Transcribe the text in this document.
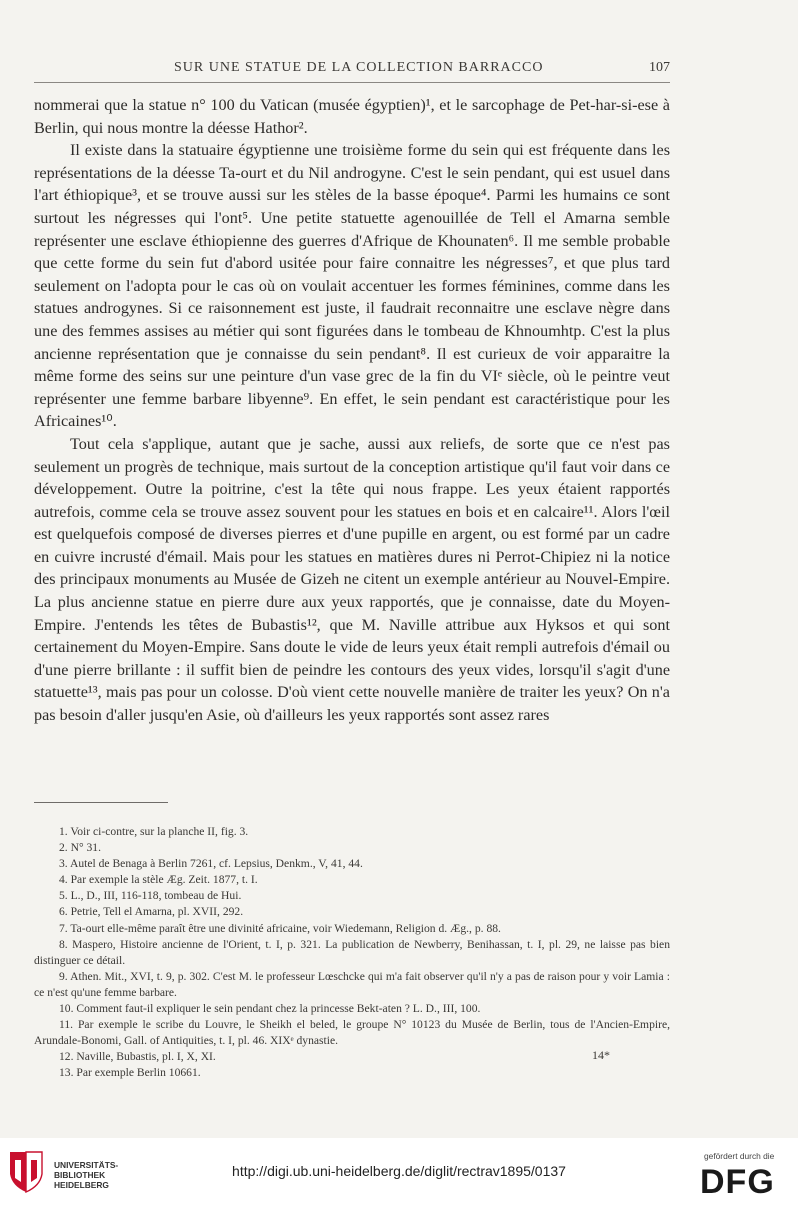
SUR UNE STATUE DE LA COLLECTION BARRACCO	107

nommerai que la statue n° 100 du Vatican (musée égyptien)¹, et le sarcophage de Pet-har-si-ese à Berlin, qui nous montre la déesse Hathor².

Il existe dans la statuaire égyptienne une troisième forme du sein qui est fréquente dans les représentations de la déesse Ta-ourt et du Nil androgyne. C'est le sein pendant, qui est usuel dans l'art éthiopique³, et se trouve aussi sur les stèles de la basse époque⁴. Parmi les humains ce sont surtout les négresses qui l'ont⁵. Une petite statuette agenouillée de Tell el Amarna semble représenter une esclave éthiopienne des guerres d'Afrique de Khounaten⁶. Il me semble probable que cette forme du sein fut d'abord usitée pour faire connaitre les négresses⁷, et que plus tard seulement on l'adopta pour le cas où on voulait accentuer les formes féminines, comme dans les statues androgynes. Si ce raisonnement est juste, il faudrait reconnaitre une esclave nègre dans une des femmes assises au métier qui sont figurées dans le tombeau de Khnoumhtp. C'est la plus ancienne représentation que je connaisse du sein pendant⁸. Il est curieux de voir apparaitre la même forme des seins sur une peinture d'un vase grec de la fin du VIᵉ siècle, où le peintre veut représenter une femme barbare libyenne⁹. En effet, le sein pendant est caractéristique pour les Africaines¹⁰.

Tout cela s'applique, autant que je sache, aussi aux reliefs, de sorte que ce n'est pas seulement un progrès de technique, mais surtout de la conception artistique qu'il faut voir dans ce développement. Outre la poitrine, c'est la tête qui nous frappe. Les yeux étaient rapportés autrefois, comme cela se trouve assez souvent pour les statues en bois et en calcaire¹¹. Alors l'œil est quelquefois composé de diverses pierres et d'une pupille en argent, ou est formé par un cadre en cuivre incrusté d'émail. Mais pour les statues en matières dures ni Perrot-Chipiez ni la notice des principaux monuments au Musée de Gizeh ne citent un exemple antérieur au Nouvel-Empire. La plus ancienne statue en pierre dure aux yeux rapportés, que je connaisse, date du Moyen-Empire. J'entends les têtes de Bubastis¹², que M. Naville attribue aux Hyksos et qui sont certainement du Moyen-Empire. Sans doute le vide de leurs yeux était rempli autrefois d'émail ou d'une pierre brillante : il suffit bien de peindre les contours des yeux vides, lorsqu'il s'agit d'une statuette¹³, mais pas pour un colosse. D'où vient cette nouvelle manière de traiter les yeux? On n'a pas besoin d'aller jusqu'en Asie, où d'ailleurs les yeux rapportés sont assez rares

1. Voir ci-contre, sur la planche II, fig. 3.

2. N° 31.

3. Autel de Benaga à Berlin 7261, cf. Lepsius, Denkm., V, 41, 44.

4. Par exemple la stèle Æg. Zeit. 1877, t. I.

5. L., D., III, 116-118, tombeau de Hui.

6. Petrie, Tell el Amarna, pl. XVII, 292.

7. Ta-ourt elle-même paraît être une divinité africaine, voir Wiedemann, Religion d. Æg., p. 88.

8. Maspero, Histoire ancienne de l'Orient, t. I, p. 321. La publication de Newberry, Benihassan, t. I, pl. 29, ne laisse pas bien distinguer ce détail.

9. Athen. Mit., XVI, t. 9, p. 302. C'est M. le professeur Lœschcke qui m'a fait observer qu'il n'y a pas de raison pour y voir Lamia : ce n'est qu'une femme barbare.

10. Comment faut-il expliquer le sein pendant chez la princesse Bekt-aten ? L. D., III, 100.

11. Par exemple le scribe du Louvre, le Sheikh el beled, le groupe N° 10123 du Musée de Berlin, tous de l'Ancien-Empire, Arundale-Bonomi, Gall. of Antiquities, t. I, pl. 46. XIXᵉ dynastie.

12. Naville, Bubastis, pl. I, X, XI.

13. Par exemple Berlin 10661.

14*
UNIVERSITÄTS-
BIBLIOTHEK
HEIDELBERG
http://digi.ub.uni-heidelberg.de/diglit/rectrav1895/0137
gefördert durch die
DFG
